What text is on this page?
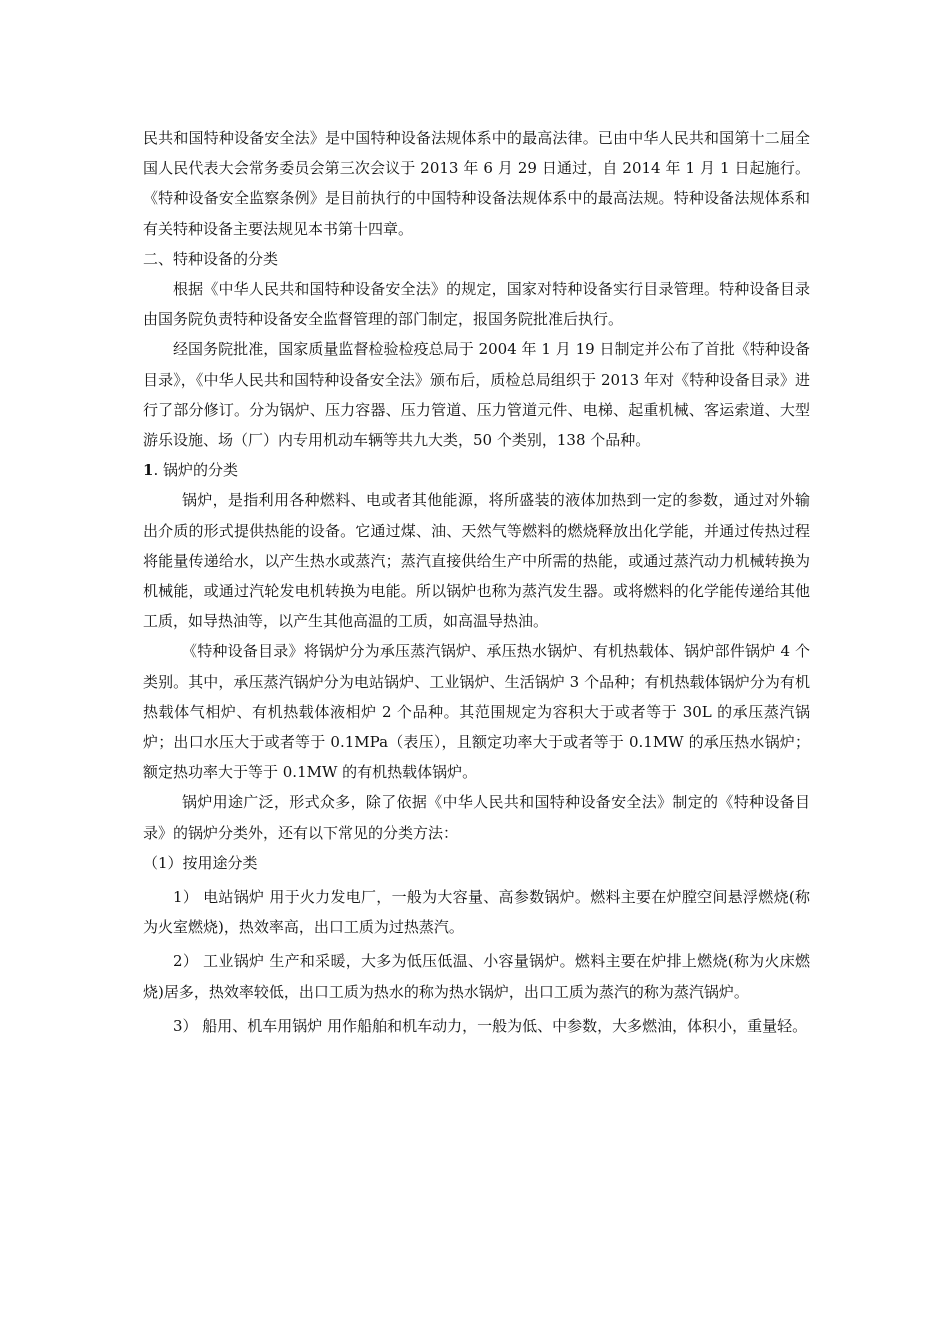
民共和国特种设备安全法》是中国特种设备法规体系中的最高法律。已由中华人民共和国第十二届全国人民代表大会常务委员会第三次会议于 2013 年 6 月 29 日通过，自 2014 年 1 月 1 日起施行。《特种设备安全监察条例》是目前执行的中国特种设备法规体系中的最高法规。特种设备法规体系和有关特种设备主要法规见本书第十四章。

二、特种设备的分类

根据《中华人民共和国特种设备安全法》的规定，国家对特种设备实行目录管理。特种设备目录由国务院负责特种设备安全监督管理的部门制定，报国务院批准后执行。

经国务院批准，国家质量监督检验检疫总局于 2004 年 1 月 19 日制定并公布了首批《特种设备目录》，《中华人民共和国特种设备安全法》颁布后，质检总局组织于 2013 年对《特种设备目录》进行了部分修订。分为锅炉、压力容器、压力管道、压力管道元件、电梯、起重机械、客运索道、大型游乐设施、场（厂）内专用机动车辆等共九大类，50 个类别，138 个品种。

1. 锅炉的分类

锅炉，是指利用各种燃料、电或者其他能源，将所盛装的液体加热到一定的参数，通过对外输出介质的形式提供热能的设备。它通过煤、油、天然气等燃料的燃烧释放出化学能，并通过传热过程将能量传递给水，以产生热水或蒸汽；蒸汽直接供给生产中所需的热能，或通过蒸汽动力机械转换为机械能，或通过汽轮发电机转换为电能。所以锅炉也称为蒸汽发生器。或将燃料的化学能传递给其他工质，如导热油等，以产生其他高温的工质，如高温导热油。

《特种设备目录》将锅炉分为承压蒸汽锅炉、承压热水锅炉、有机热载体、锅炉部件锅炉 4 个类别。其中，承压蒸汽锅炉分为电站锅炉、工业锅炉、生活锅炉 3 个品种；有机热载体锅炉分为有机热载体气相炉、有机热载体液相炉 2 个品种。其范围规定为容积大于或者等于 30L 的承压蒸汽锅炉；出口水压大于或者等于 0.1MPa（表压），且额定功率大于或者等于 0.1MW 的承压热水锅炉；额定热功率大于等于 0.1MW 的有机热载体锅炉。

锅炉用途广泛，形式众多，除了依据《中华人民共和国特种设备安全法》制定的《特种设备目录》的锅炉分类外，还有以下常见的分类方法：

（1）按用途分类

1） 电站锅炉 用于火力发电厂，一般为大容量、高参数锅炉。燃料主要在炉膛空间悬浮燃烧(称为火室燃烧)，热效率高，出口工质为过热蒸汽。

2） 工业锅炉 生产和采暖，大多为低压低温、小容量锅炉。燃料主要在炉排上燃烧(称为火床燃烧)居多，热效率较低，出口工质为热水的称为热水锅炉，出口工质为蒸汽的称为蒸汽锅炉。

3） 船用、机车用锅炉 用作船舶和机车动力，一般为低、中参数，大多燃油，体积小，重量轻。
